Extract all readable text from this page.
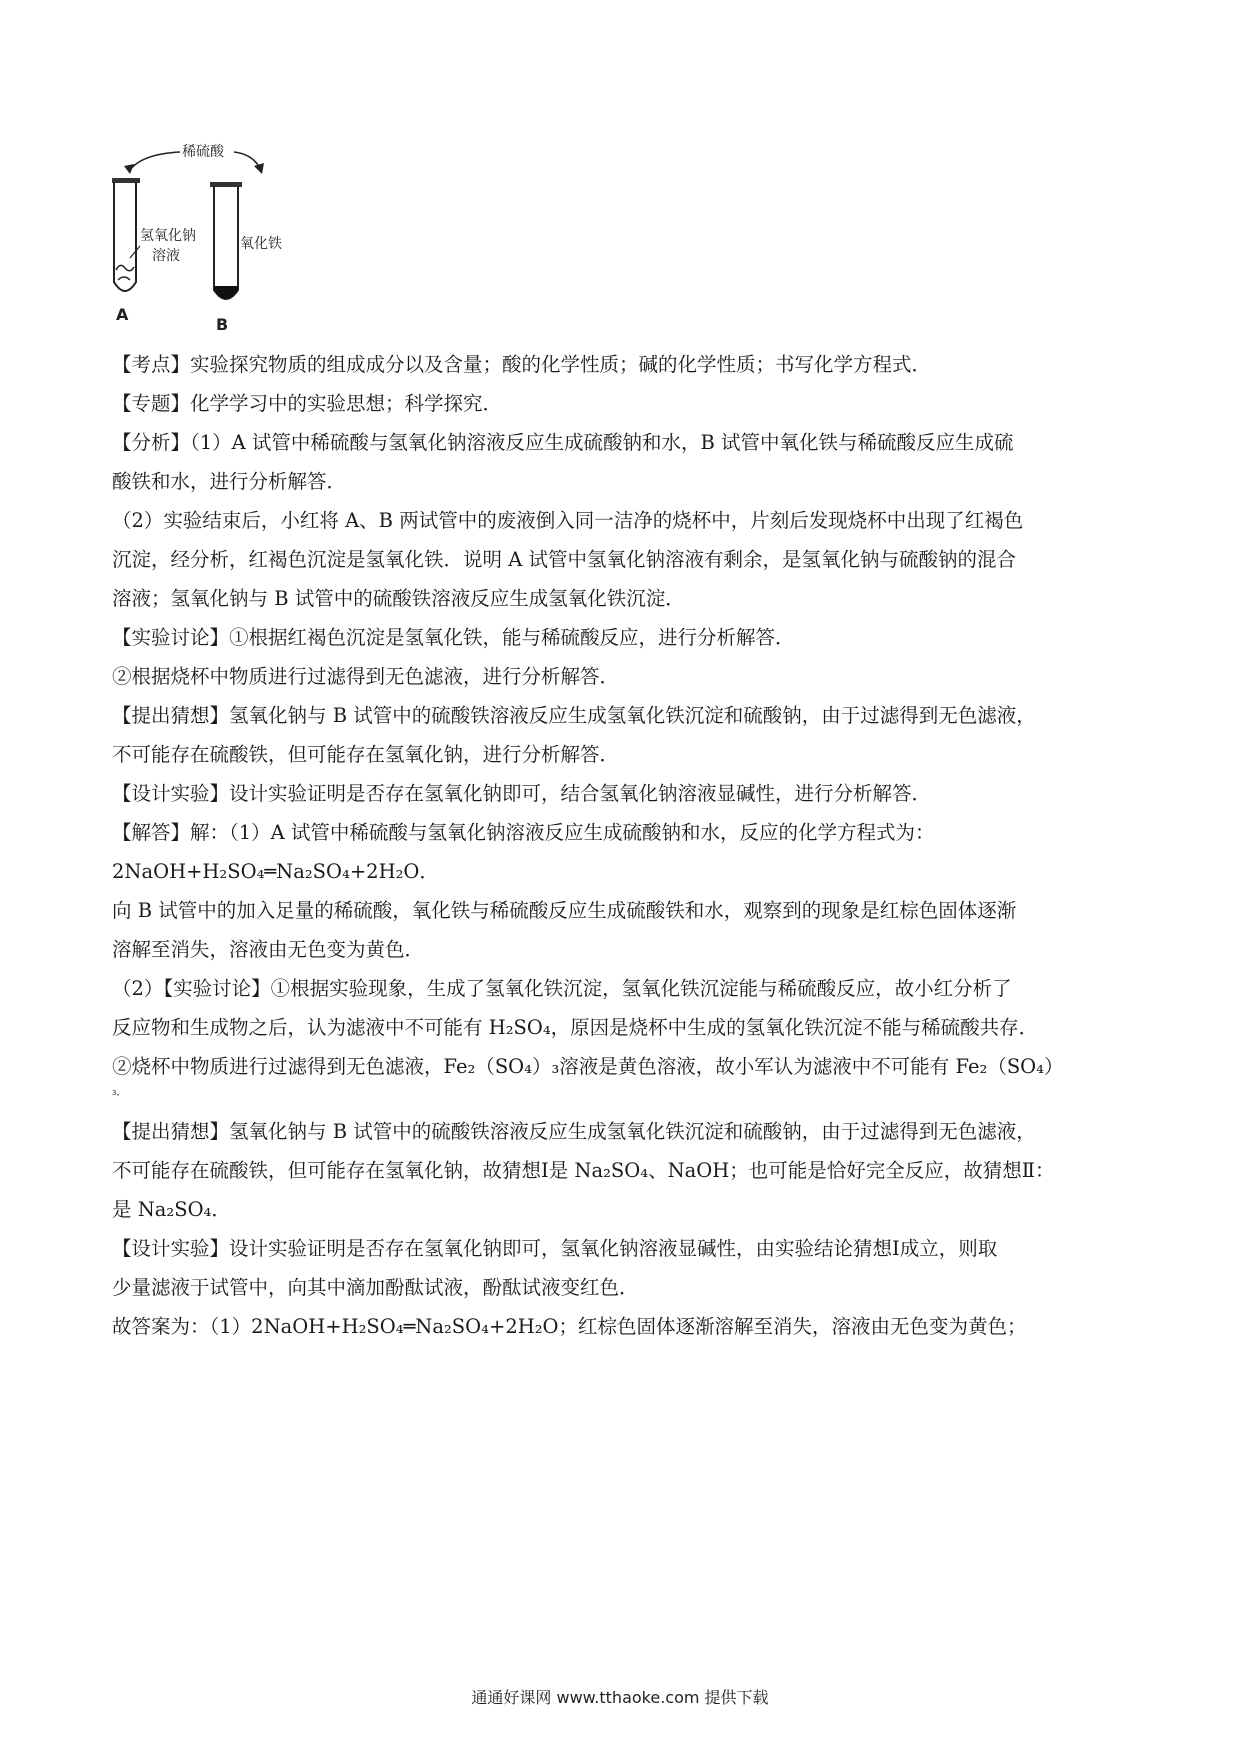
稀硫酸
氢氧化钠
溶液
A
氧化铁
B
【考点】实验探究物质的组成成分以及含量；酸的化学性质；碱的化学性质；书写化学方程式．
【专题】化学学习中的实验思想；科学探究．
【分析】（1）A 试管中稀硫酸与氢氧化钠溶液反应生成硫酸钠和水，B 试管中氧化铁与稀硫酸反应生成硫
酸铁和水，进行分析解答．
（2）实验结束后，小红将 A、B 两试管中的废液倒入同一洁净的烧杯中，片刻后发现烧杯中出现了红褐色
沉淀，经分析，红褐色沉淀是氢氧化铁．说明 A 试管中氢氧化钠溶液有剩余，是氢氧化钠与硫酸钠的混合
溶液；氢氧化钠与 B 试管中的硫酸铁溶液反应生成氢氧化铁沉淀．
【实验讨论】①根据红褐色沉淀是氢氧化铁，能与稀硫酸反应，进行分析解答．
②根据烧杯中物质进行过滤得到无色滤液，进行分析解答．
【提出猜想】氢氧化钠与 B 试管中的硫酸铁溶液反应生成氢氧化铁沉淀和硫酸钠，由于过滤得到无色滤液，
不可能存在硫酸铁，但可能存在氢氧化钠，进行分析解答．
【设计实验】设计实验证明是否存在氢氧化钠即可，结合氢氧化钠溶液显碱性，进行分析解答．
【解答】解：（1）A 试管中稀硫酸与氢氧化钠溶液反应生成硫酸钠和水，反应的化学方程式为：
2NaOH+H₂SO₄═Na₂SO₄+2H₂O．
向 B 试管中的加入足量的稀硫酸，氧化铁与稀硫酸反应生成硫酸铁和水，观察到的现象是红棕色固体逐渐
溶解至消失，溶液由无色变为黄色．
（2）【实验讨论】①根据实验现象，生成了氢氧化铁沉淀，氢氧化铁沉淀能与稀硫酸反应，故小红分析了
反应物和生成物之后，认为滤液中不可能有 H₂SO₄，原因是烧杯中生成的氢氧化铁沉淀不能与稀硫酸共存．
②烧杯中物质进行过滤得到无色滤液，Fe₂（SO₄）₃溶液是黄色溶液，故小军认为滤液中不可能有 Fe₂（SO₄）
₃．
【提出猜想】氢氧化钠与 B 试管中的硫酸铁溶液反应生成氢氧化铁沉淀和硫酸钠，由于过滤得到无色滤液，
不可能存在硫酸铁，但可能存在氢氧化钠，故猜想Ⅰ是 Na₂SO₄、NaOH；也可能是恰好完全反应，故猜想Ⅱ：
是 Na₂SO₄．
【设计实验】设计实验证明是否存在氢氧化钠即可，氢氧化钠溶液显碱性，由实验结论猜想Ⅰ成立，则取
少量滤液于试管中，向其中滴加酚酞试液，酚酞试液变红色．
故答案为：（1）2NaOH+H₂SO₄═Na₂SO₄+2H₂O；红棕色固体逐渐溶解至消失，溶液由无色变为黄色；
通通好课网 www.tthaoke.com 提供下载
